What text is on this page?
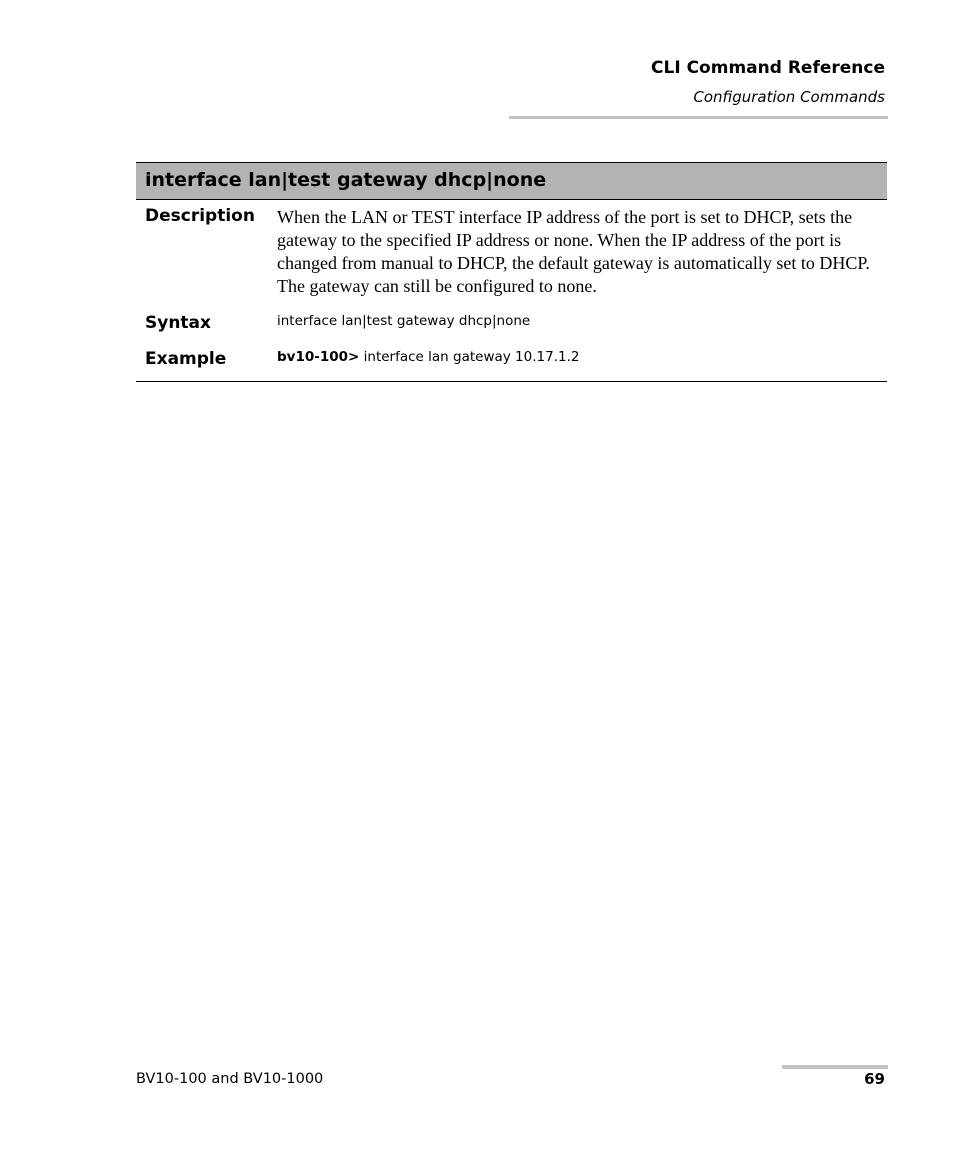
CLI Command Reference
Configuration Commands
interface lan|test gateway dhcp|none
Description	When the LAN or TEST interface IP address of the port is set to DHCP, sets the gateway to the specified IP address or none. When the IP address of the port is changed from manual to DHCP, the default gateway is automatically set to DHCP. The gateway can still be configured to none.
Syntax	interface lan|test gateway dhcp|none
Example	bv10-100> interface lan gateway 10.17.1.2
BV10-100 and BV10-1000	69
